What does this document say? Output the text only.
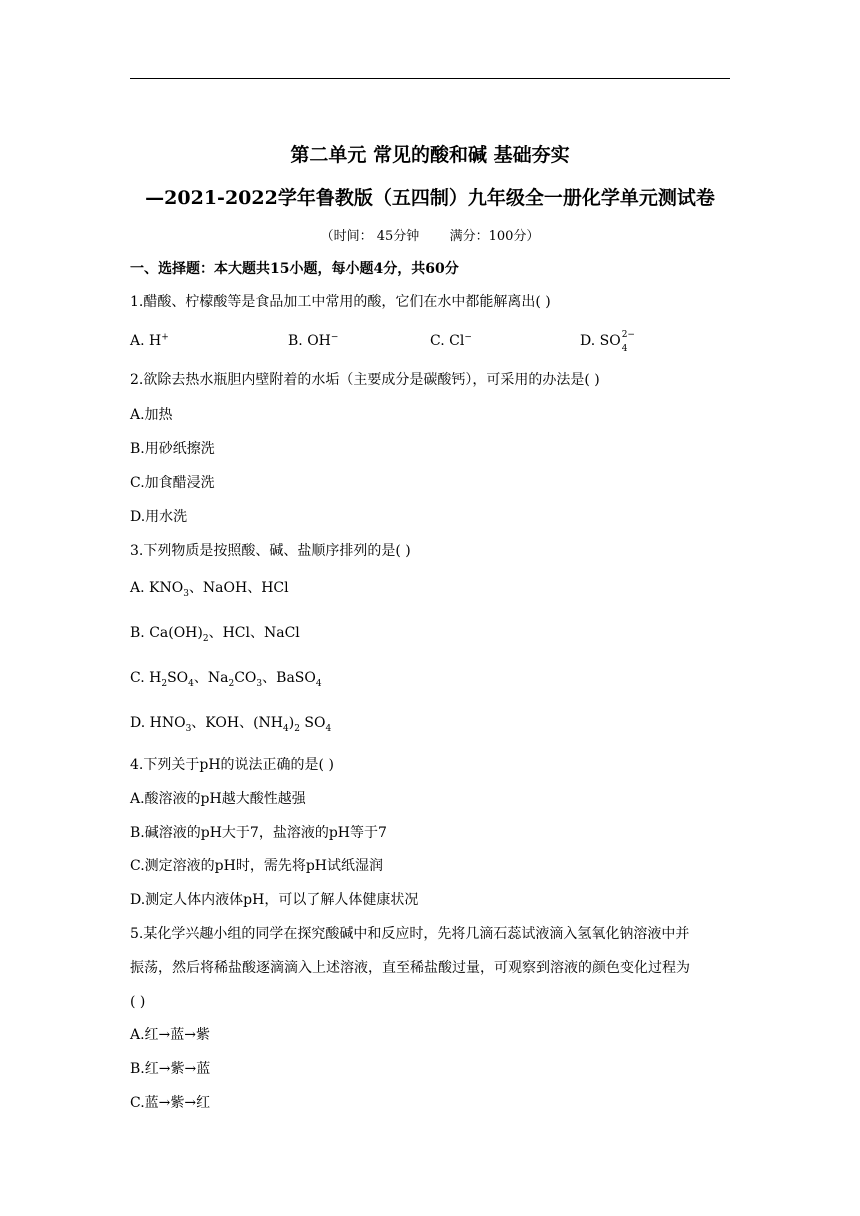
第二单元 常见的酸和碱 基础夯实
—2021-2022学年鲁教版（五四制）九年级全一册化学单元测试卷
（时间： 45分钟 满分：100分）
一、选择题：本大题共15小题，每小题4分，共60分
1.醋酸、柠檬酸等是食品加工中常用的酸，它们在水中都能解离出( )
A. H+	B. OH−	C. Cl−	D. SO 2−
4
2.欲除去热水瓶胆内壁附着的水垢（主要成分是碳酸钙），可采用的办法是( )
A.加热
B.用砂纸擦洗
C.加食醋浸洗
D.用水洗
3.下列物质是按照酸、碱、盐顺序排列的是( )
A. $KNO_3$、NaOH、HCl
B. $Ca(OH)_2$、HCl、NaCl
C. $H_2SO_4$、$Na_2CO_3$、BaSO$_4$
D. $HNO_3$、KOH、$(NH_4)_2$ $SO_4$
4.下列关于pH的说法正确的是( )
A.酸溶液的pH越大酸性越强
B.碱溶液的pH大于7，盐溶液的pH等于7
C.测定溶液的pH时，需先将pH试纸湿润
D.测定人体内液体pH，可以了解人体健康状况
5.某化学兴趣小组的同学在探究酸碱中和反应时，先将几滴石蕊试液滴入氢氧化钠溶液中并
振荡，然后将稀盐酸逐滴滴入上述溶液，直至稀盐酸过量，可观察到溶液的颜色变化过程为
( )
A.红→蓝→紫
B.红→紫→蓝
C.蓝→紫→红
